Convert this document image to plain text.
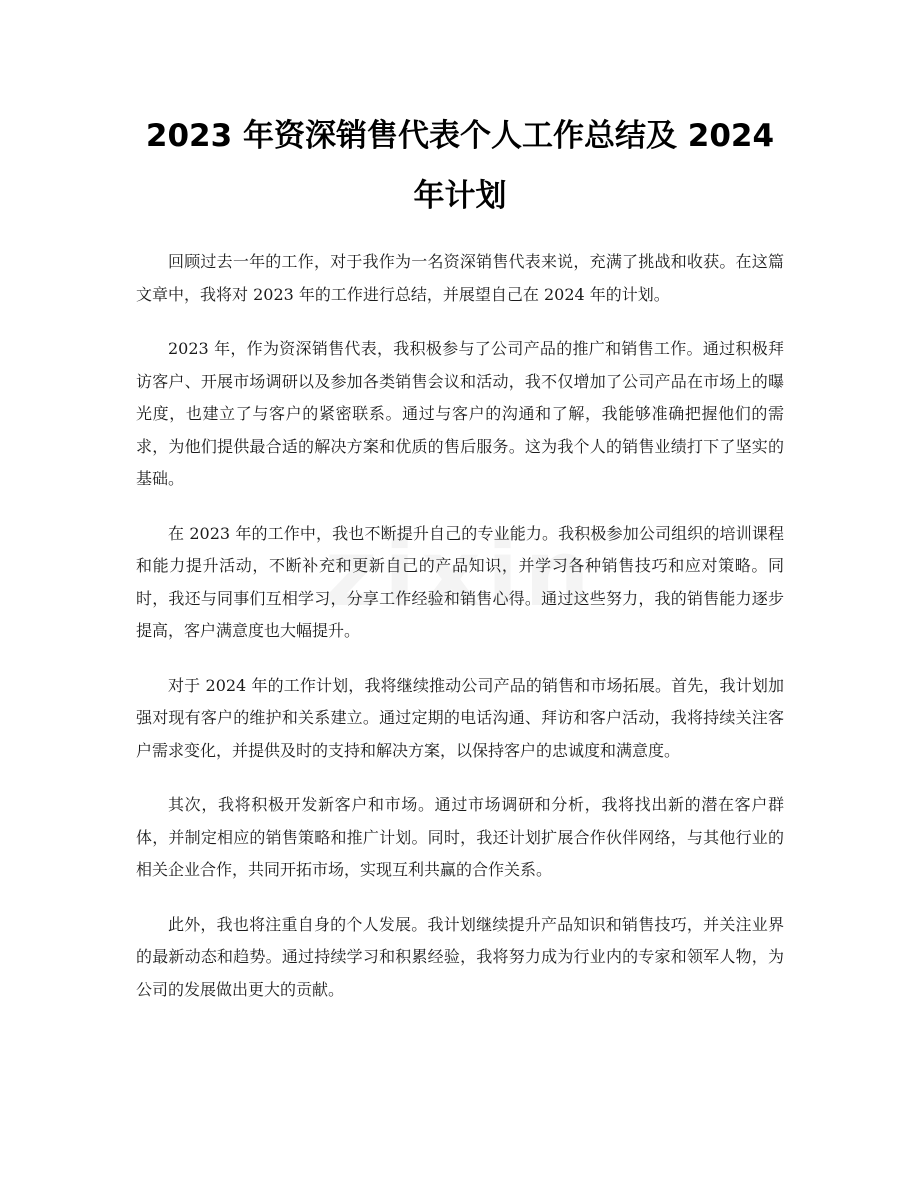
2023 年资深销售代表个人工作总结及 2024
年计划

回顾过去一年的工作，对于我作为一名资深销售代表来说，充满了挑战和收获。在这篇文章中，我将对 2023 年的工作进行总结，并展望自己在 2024 年的计划。

2023 年，作为资深销售代表，我积极参与了公司产品的推广和销售工作。通过积极拜访客户、开展市场调研以及参加各类销售会议和活动，我不仅增加了公司产品在市场上的曝光度，也建立了与客户的紧密联系。通过与客户的沟通和了解，我能够准确把握他们的需求，为他们提供最合适的解决方案和优质的售后服务。这为我个人的销售业绩打下了坚实的基础。

在 2023 年的工作中，我也不断提升自己的专业能力。我积极参加公司组织的培训课程和能力提升活动，不断补充和更新自己的产品知识，并学习各种销售技巧和应对策略。同时，我还与同事们互相学习，分享工作经验和销售心得。通过这些努力，我的销售能力逐步提高，客户满意度也大幅提升。

对于 2024 年的工作计划，我将继续推动公司产品的销售和市场拓展。首先，我计划加强对现有客户的维护和关系建立。通过定期的电话沟通、拜访和客户活动，我将持续关注客户需求变化，并提供及时的支持和解决方案，以保持客户的忠诚度和满意度。

其次，我将积极开发新客户和市场。通过市场调研和分析，我将找出新的潜在客户群体，并制定相应的销售策略和推广计划。同时，我还计划扩展合作伙伴网络，与其他行业的相关企业合作，共同开拓市场，实现互利共赢的合作关系。

此外，我也将注重自身的个人发展。我计划继续提升产品知识和销售技巧，并关注业界的最新动态和趋势。通过持续学习和积累经验，我将努力成为行业内的专家和领军人物，为公司的发展做出更大的贡献。
